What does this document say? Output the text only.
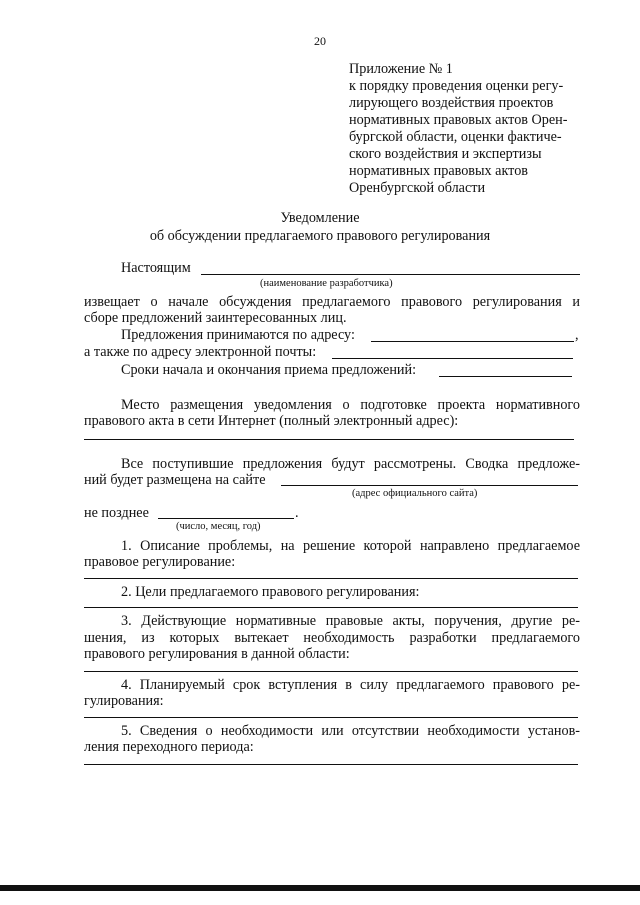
20
Приложение № 1
к порядку проведения оценки регу-
лирующего воздействия проектов
нормативных правовых актов Орен-
бургской области, оценки фактиче-
ского воздействия и экспертизы
нормативных правовых актов
Оренбургской области
Уведомление
об обсуждении предлагаемого правового регулирования
Настоящим
(наименование разработчика)
извещает о начале обсуждения предлагаемого правового регулирования и
сборе предложений заинтересованных лиц.
Предложения принимаются по адресу:	,
а также по адресу электронной почты:
Сроки начала и окончания приема предложений:
Место размещения уведомления о подготовке проекта нормативного
правового акта в сети Интернет (полный электронный адрес):
Все поступившие предложения будут рассмотрены. Сводка предложе-
ний будет размещена на сайте
(адрес официального сайта)
не позднее	.
(число, месяц, год)
1. Описание проблемы, на решение которой направлено предлагаемое
правовое регулирование:
2. Цели предлагаемого правового регулирования:
3. Действующие нормативные правовые акты, поручения, другие ре-
шения, из которых вытекает необходимость разработки предлагаемого
правового регулирования в данной области:
4. Планируемый срок вступления в силу предлагаемого правового ре-
гулирования:
5. Сведения о необходимости или отсутствии необходимости установ-
ления переходного периода:
